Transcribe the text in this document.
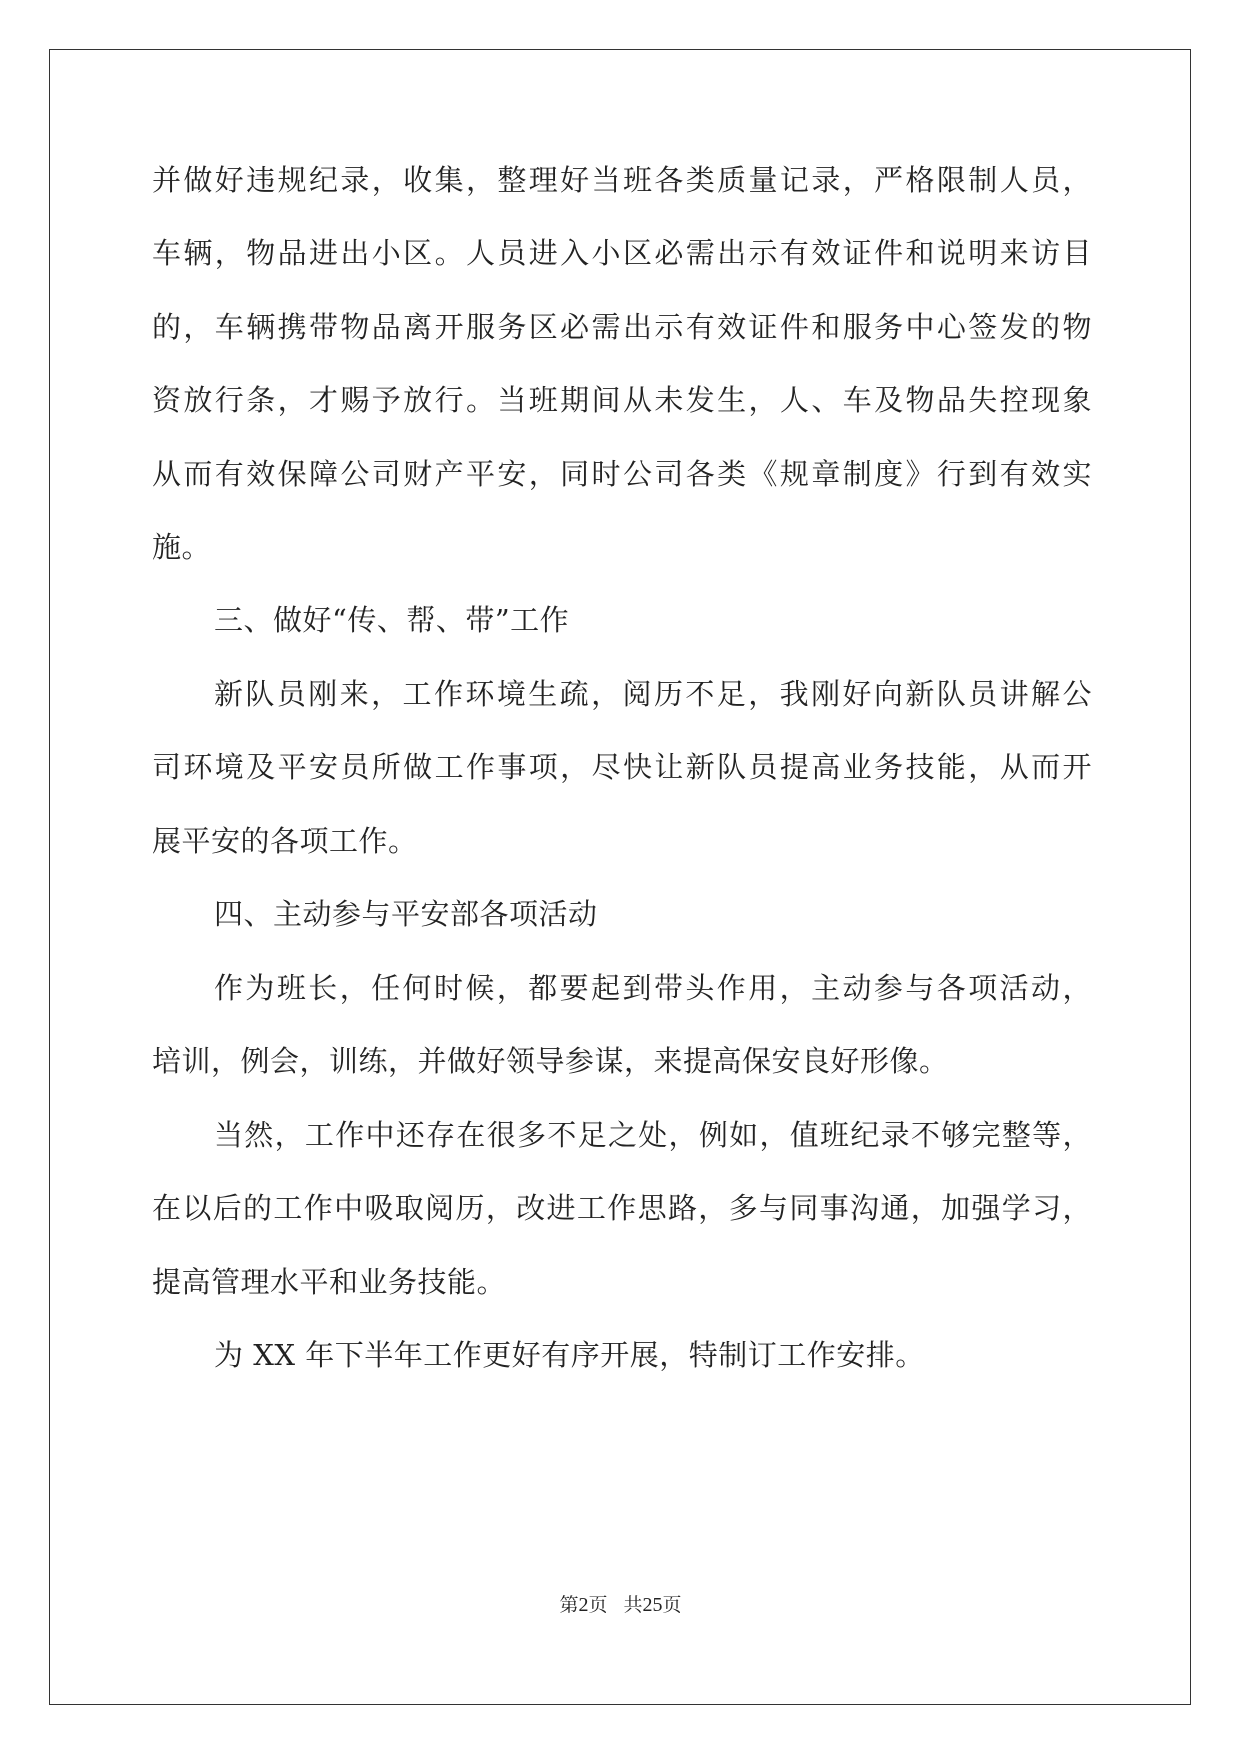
并做好违规纪录，收集，整理好当班各类质量记录，严格限制人员，
车辆，物品进出小区。人员进入小区必需出示有效证件和说明来访目
的，车辆携带物品离开服务区必需出示有效证件和服务中心签发的物
资放行条，才赐予放行。当班期间从未发生，人、车及物品失控现象
从而有效保障公司财产平安，同时公司各类《规章制度》行到有效实
施。
三、做好“传、帮、带”工作
新队员刚来，工作环境生疏，阅历不足，我刚好向新队员讲解公
司环境及平安员所做工作事项，尽快让新队员提高业务技能，从而开
展平安的各项工作。
四、主动参与平安部各项活动
作为班长，任何时候，都要起到带头作用，主动参与各项活动，
培训，例会，训练，并做好领导参谋，来提高保安良好形像。
当然，工作中还存在很多不足之处，例如，值班纪录不够完整等，
在以后的工作中吸取阅历，改进工作思路，多与同事沟通，加强学习，
提高管理水平和业务技能。
为 XX 年下半年工作更好有序开展，特制订工作安排。
第2页 共25页
